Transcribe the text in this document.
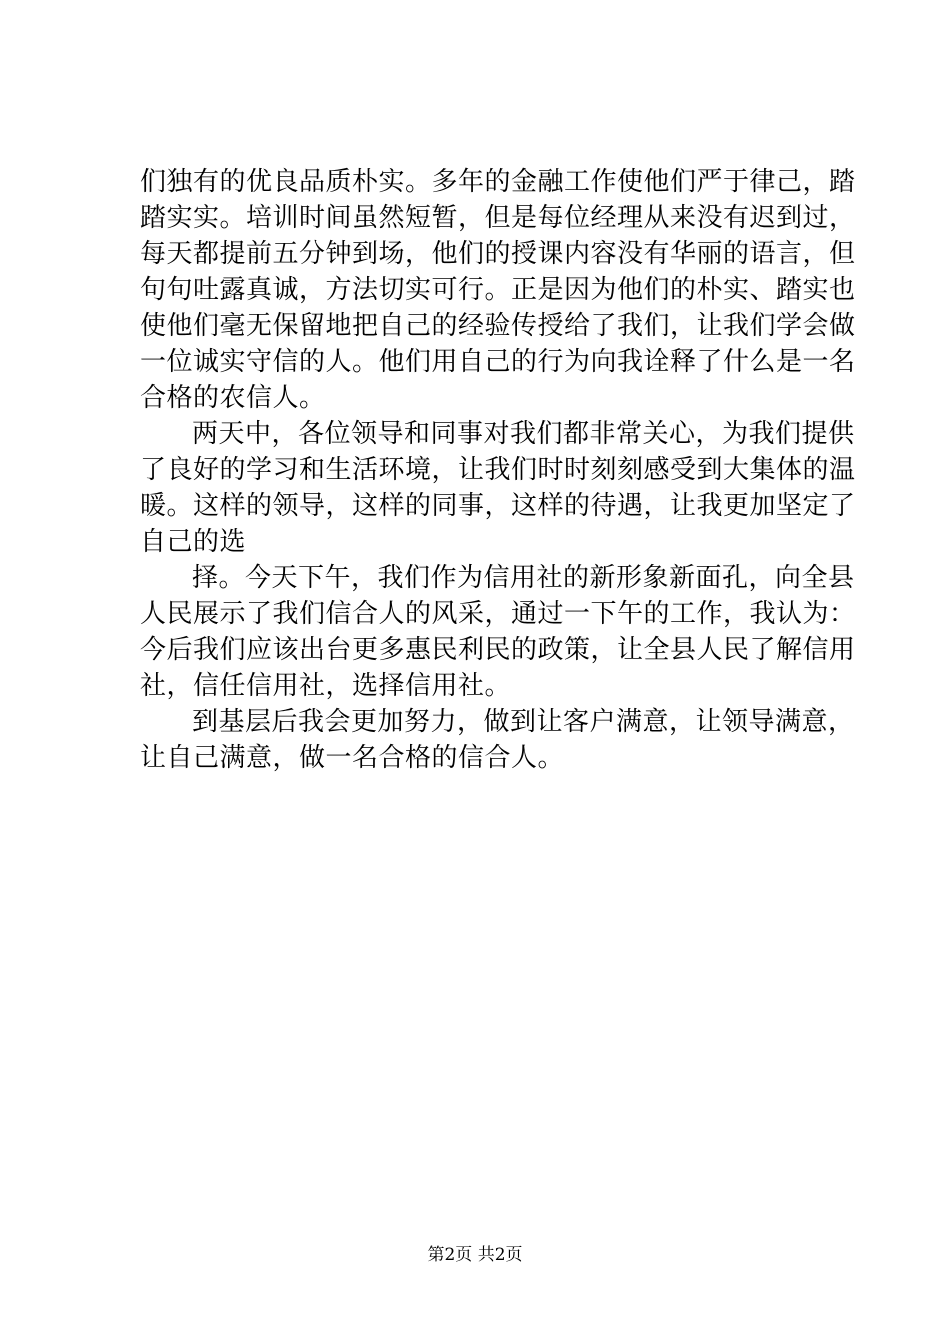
们独有的优良品质朴实。多年的金融工作使他们严于律己，踏
踏实实。培训时间虽然短暂，但是每位经理从来没有迟到过，
每天都提前五分钟到场，他们的授课内容没有华丽的语言，但
句句吐露真诚，方法切实可行。正是因为他们的朴实、踏实也
使他们毫无保留地把自己的经验传授给了我们，让我们学会做
一位诚实守信的人。他们用自己的行为向我诠释了什么是一名
合格的农信人。
两天中，各位领导和同事对我们都非常关心，为我们提供
了良好的学习和生活环境，让我们时时刻刻感受到大集体的温
暖。这样的领导，这样的同事，这样的待遇，让我更加坚定了
自己的选
择。今天下午，我们作为信用社的新形象新面孔，向全县
人民展示了我们信合人的风采，通过一下午的工作，我认为：
今后我们应该出台更多惠民利民的政策，让全县人民了解信用
社，信任信用社，选择信用社。
到基层后我会更加努力，做到让客户满意，让领导满意，
让自己满意，做一名合格的信合人。
第2页 共2页
